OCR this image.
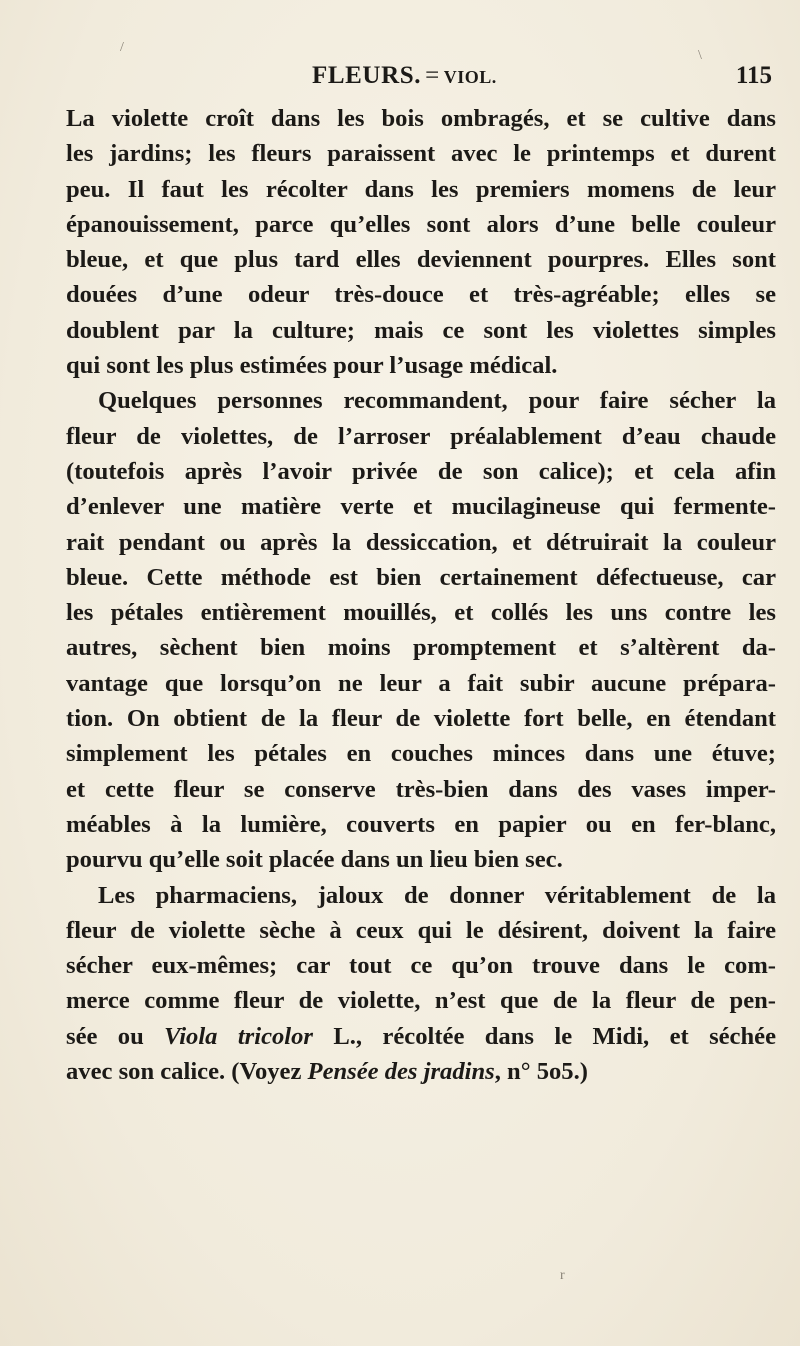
/
\
r
FLEURS. = VIOL.	115
La violette croît dans les bois ombragés, et se cultive dans
les jardins; les fleurs paraissent avec le printemps et durent
peu. Il faut les récolter dans les premiers momens de leur
épanouissement, parce qu’elles sont alors d’une belle couleur
bleue, et que plus tard elles deviennent pourpres. Elles sont
douées d’une odeur très-douce et très-agréable; elles se
doublent par la culture; mais ce sont les violettes simples
qui sont les plus estimées pour l’usage médical.
Quelques personnes recommandent, pour faire sécher la
fleur de violettes, de l’arroser préalablement d’eau chaude
(toutefois après l’avoir privée de son calice); et cela afin
d’enlever une matière verte et mucilagineuse qui fermente-
rait pendant ou après la dessiccation, et détruirait la couleur
bleue. Cette méthode est bien certainement défectueuse, car
les pétales entièrement mouillés, et collés les uns contre les
autres, sèchent bien moins promptement et s’altèrent da-
vantage que lorsqu’on ne leur a fait subir aucune prépara-
tion. On obtient de la fleur de violette fort belle, en étendant
simplement les pétales en couches minces dans une étuve;
et cette fleur se conserve très-bien dans des vases imper-
méables à la lumière, couverts en papier ou en fer-blanc,
pourvu qu’elle soit placée dans un lieu bien sec.
Les pharmaciens, jaloux de donner véritablement de la
fleur de violette sèche à ceux qui le désirent, doivent la faire
sécher eux-mêmes; car tout ce qu’on trouve dans le com-
merce comme fleur de violette, n’est que de la fleur de pen-
sée ou Viola tricolor L., récoltée dans le Midi, et séchée
avec son calice. (Voyez Pensée des jradins, n° 5o5.)
